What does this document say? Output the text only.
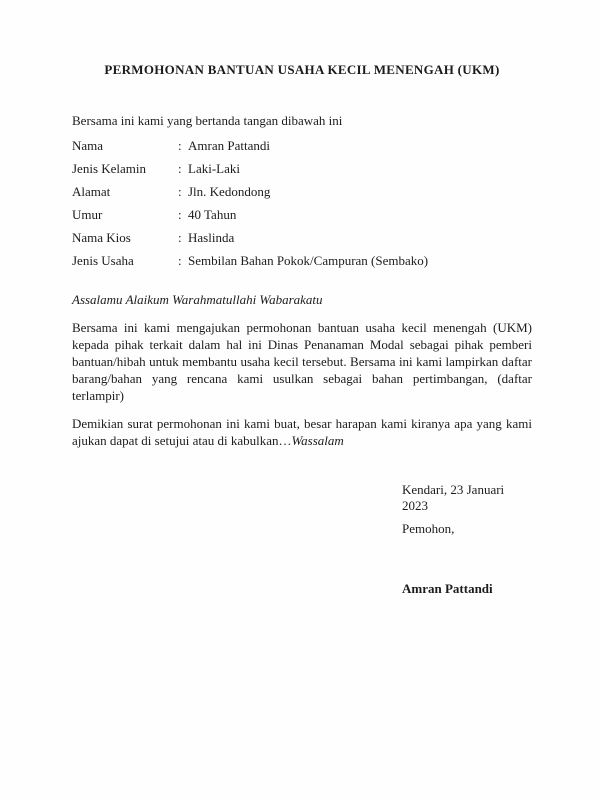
PERMOHONAN BANTUAN USAHA KECIL MENENGAH (UKM)
Bersama ini kami yang bertanda tangan dibawah ini
Nama	: Amran Pattandi
Jenis Kelamin	: Laki-Laki
Alamat	: Jln. Kedondong
Umur	: 40 Tahun
Nama Kios	: Haslinda
Jenis Usaha	: Sembilan Bahan Pokok/Campuran (Sembako)
Assalamu Alaikum Warahmatullahi Wabarakatu
Bersama ini kami mengajukan permohonan bantuan usaha kecil menengah (UKM) kepada pihak terkait dalam hal ini Dinas Penanaman Modal sebagai pihak pemberi bantuan/hibah untuk membantu usaha kecil tersebut. Bersama ini kami lampirkan daftar barang/bahan yang rencana kami usulkan sebagai bahan pertimbangan, (daftar terlampir)
Demikian surat permohonan ini kami buat, besar harapan kami kiranya apa yang kami ajukan dapat di setujui atau di kabulkan…Wassalam
Kendari, 23 Januari 2023
Pemohon,
Amran Pattandi
